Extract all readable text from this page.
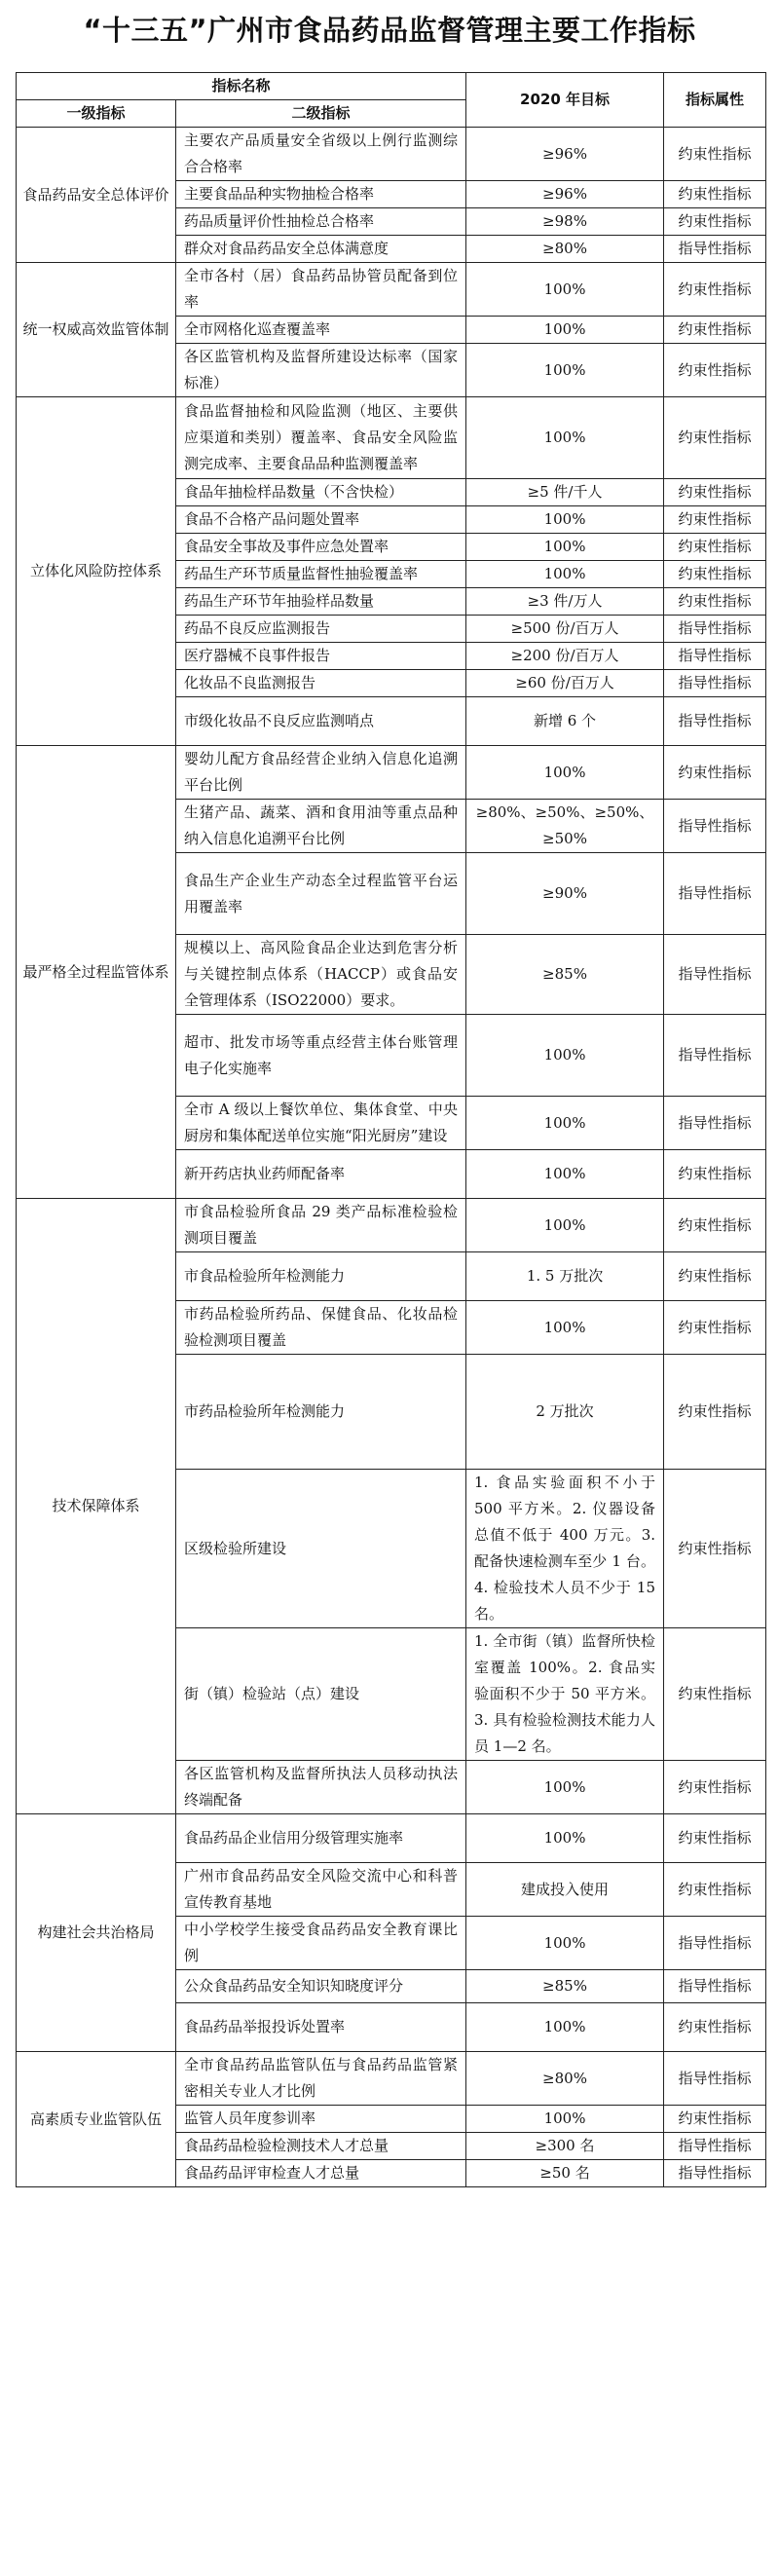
“十三五”广州市食品药品监督管理主要工作指标
指标名称		2020 年目标	指标属性
一级指标	二级指标		
食品药品安全总体评价	主要农产品质量安全省级以上例行监测综合合格率	≥96%	约束性指标
	主要食品品种实物抽检合格率	≥96%	约束性指标
	药品质量评价性抽检总合格率	≥98%	约束性指标
	群众对食品药品安全总体满意度	≥80%	指导性指标
统一权威高效监管体制	全市各村（居）食品药品协管员配备到位率	100%	约束性指标
	全市网格化巡查覆盖率	100%	约束性指标
	各区监管机构及监督所建设达标率（国家标准）	100%	约束性指标
立体化风险防控体系	食品监督抽检和风险监测（地区、主要供应渠道和类别）覆盖率、食品安全风险监测完成率、主要食品品种监测覆盖率	100%	约束性指标
	食品年抽检样品数量（不含快检）	≥5 件/千人	约束性指标
	食品不合格产品问题处置率	100%	约束性指标
	食品安全事故及事件应急处置率	100%	约束性指标
	药品生产环节质量监督性抽验覆盖率	100%	约束性指标
	药品生产环节年抽验样品数量	≥3 件/万人	约束性指标
	药品不良反应监测报告	≥500 份/百万人	指导性指标
	医疗器械不良事件报告	≥200 份/百万人	指导性指标
	化妆品不良监测报告	≥60 份/百万人	指导性指标
	市级化妆品不良反应监测哨点	新增 6 个	指导性指标
最严格全过程监管体系	婴幼儿配方食品经营企业纳入信息化追溯平台比例	100%	约束性指标
	生猪产品、蔬菜、酒和食用油等重点品种纳入信息化追溯平台比例	≥80%、≥50%、≥50%、≥50%	指导性指标
	食品生产企业生产动态全过程监管平台运用覆盖率	≥90%	指导性指标
	规模以上、高风险食品企业达到危害分析与关键控制点体系（HACCP）或食品安全管理体系（ISO22000）要求。	≥85%	指导性指标
	超市、批发市场等重点经营主体台账管理电子化实施率	100%	指导性指标
	全市 A 级以上餐饮单位、集体食堂、中央厨房和集体配送单位实施“阳光厨房”建设	100%	指导性指标
	新开药店执业药师配备率	100%	约束性指标
技术保障体系	市食品检验所食品 29 类产品标准检验检测项目覆盖	100%	约束性指标
	市食品检验所年检测能力	1. 5 万批次	约束性指标
	市药品检验所药品、保健食品、化妆品检验检测项目覆盖	100%	约束性指标
	市药品检验所年检测能力	2 万批次	约束性指标
	区级检验所建设	1. 食品实验面积不小于 500 平方米。2. 仪器设备总值不低于 400 万元。3. 配备快速检测车至少 1 台。4. 检验技术人员不少于 15 名。	约束性指标
	街（镇）检验站（点）建设	1. 全市街（镇）监督所快检室覆盖 100%。2. 食品实验面积不少于 50 平方米。3. 具有检验检测技术能力人员 1—2 名。	约束性指标
	各区监管机构及监督所执法人员移动执法终端配备	100%	约束性指标
构建社会共治格局	食品药品企业信用分级管理实施率	100%	约束性指标
	广州市食品药品安全风险交流中心和科普宣传教育基地	建成投入使用	约束性指标
	中小学校学生接受食品药品安全教育课比例	100%	指导性指标
	公众食品药品安全知识知晓度评分	≥85%	指导性指标
	食品药品举报投诉处置率	100%	约束性指标
高素质专业监管队伍	全市食品药品监管队伍与食品药品监管紧密相关专业人才比例	≥80%	指导性指标
	监管人员年度参训率	100%	约束性指标
	食品药品检验检测技术人才总量	≥300 名	指导性指标
	食品药品评审检查人才总量	≥50 名	指导性指标
